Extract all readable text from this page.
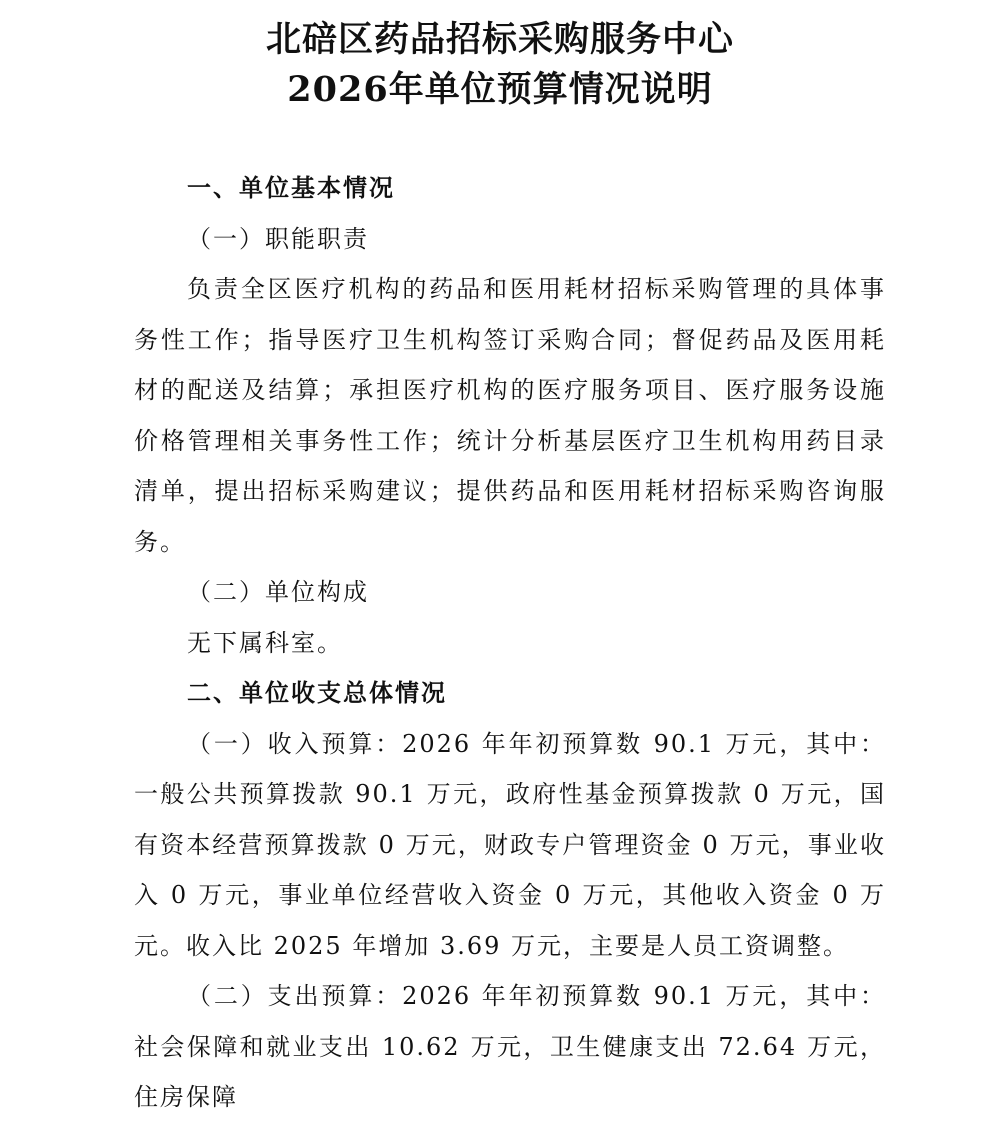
北碚区药品招标采购服务中心
2026年单位预算情况说明

一、单位基本情况

（一）职能职责

负责全区医疗机构的药品和医用耗材招标采购管理的具体事务性工作；指导医疗卫生机构签订采购合同；督促药品及医用耗材的配送及结算；承担医疗机构的医疗服务项目、医疗服务设施价格管理相关事务性工作；统计分析基层医疗卫生机构用药目录清单，提出招标采购建议；提供药品和医用耗材招标采购咨询服务。

（二）单位构成

无下属科室。

二、单位收支总体情况

（一）收入预算：2026 年年初预算数 90.1 万元，其中：一般公共预算拨款 90.1 万元，政府性基金预算拨款 0 万元，国有资本经营预算拨款 0 万元，财政专户管理资金 0 万元，事业收入 0 万元，事业单位经营收入资金 0 万元，其他收入资金 0 万元。收入比 2025 年增加 3.69 万元，主要是人员工资调整。

（二）支出预算：2026 年年初预算数 90.1 万元，其中：社会保障和就业支出 10.62 万元，卫生健康支出 72.64 万元，住房保障
